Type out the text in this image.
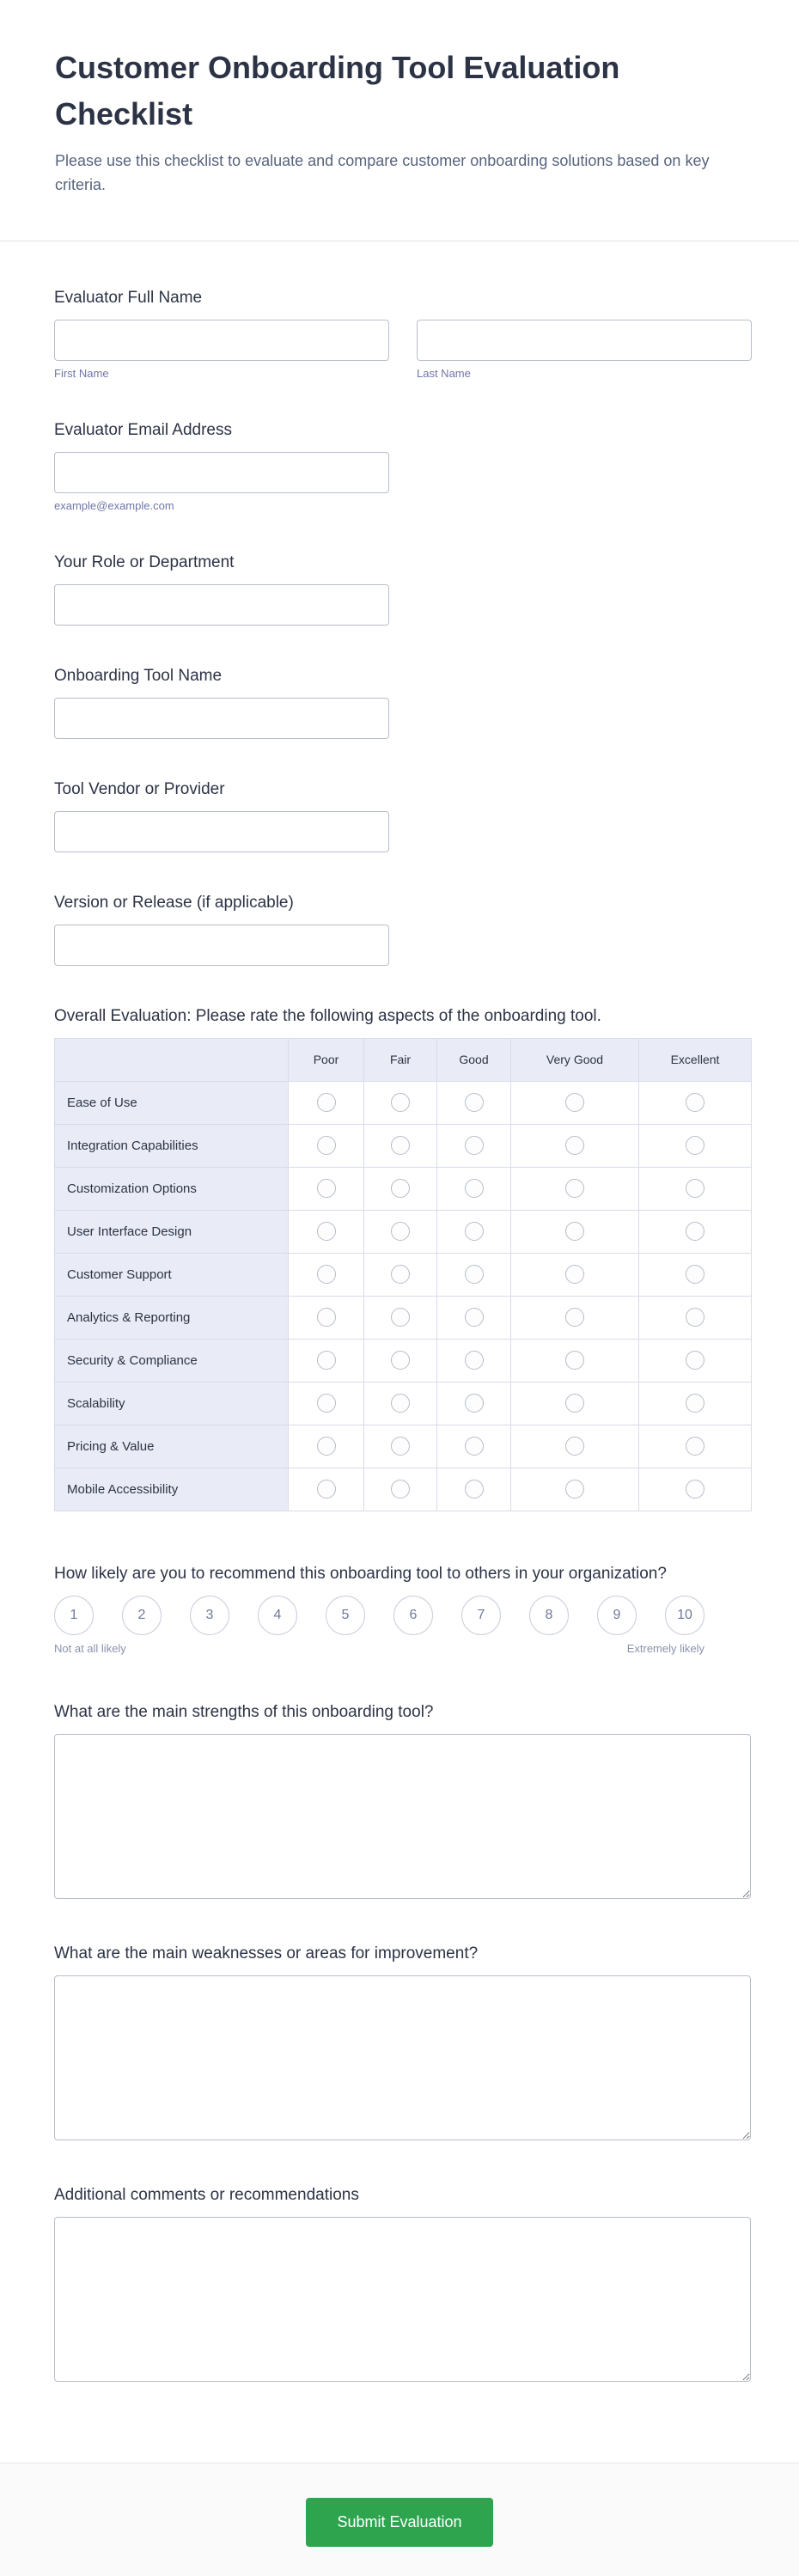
Customer Onboarding Tool Evaluation Checklist

Please use this checklist to evaluate and compare customer onboarding solutions based on key criteria.

Evaluator Full Name
First Name	Last Name
Evaluator Email Address
example@example.com
Your Role or Department
Onboarding Tool Name
Tool Vendor or Provider
Version or Release (if applicable)
Overall Evaluation: Please rate the following aspects of the onboarding tool.
	Poor	Fair	Good	Very Good	Excellent
Ease of Use					
Integration Capabilities					
Customization Options					
User Interface Design					
Customer Support					
Analytics & Reporting					
Security & Compliance					
Scalability					
Pricing & Value					
Mobile Accessibility					
How likely are you to recommend this onboarding tool to others in your organization?
1	2	3	4	5	6	7	8	9	10
Not at all likely	Extremely likely
What are the main strengths of this onboarding tool?
What are the main weaknesses or areas for improvement?
Additional comments or recommendations
Submit Evaluation
